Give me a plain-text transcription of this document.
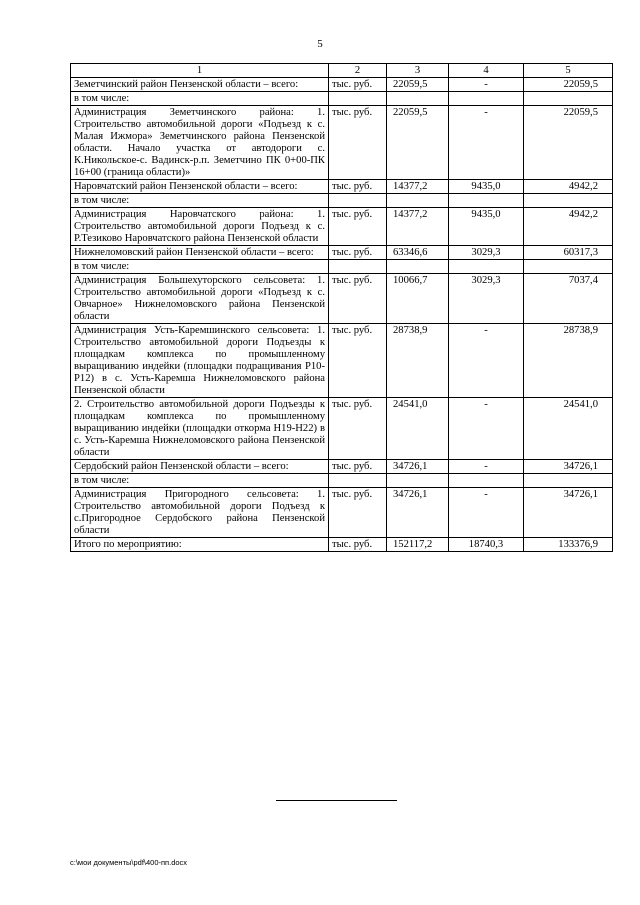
5
1	2	3	4	5
Земетчинский район Пензенской области – всего:	тыс. руб.	22059,5	-	22059,5
в том числе:				
Администрация Земетчинского района: 1. Строительство автомобильной дороги «Подъезд к с. Малая Ижмора» Земетчинского района Пензенской области. Начало участка от автодороги с. К.Никольское-с. Вадинск-р.п. Земетчино ПК 0+00-ПК 16+00 (граница области)»	тыс. руб.	22059,5	-	22059,5
Наровчатский район Пензенской области – всего:	тыс. руб.	14377,2	9435,0	4942,2
в том числе:				
Администрация Наровчатского района: 1. Строительство автомобильной дороги Подъезд к с. Р.Тезиково Наровчатского района Пензенской области	тыс. руб.	14377,2	9435,0	4942,2
Нижнеломовский район Пензенской области – всего:	тыс. руб.	63346,6	3029,3	60317,3
в том числе:				
Администрация Большехуторского сельсовета: 1. Строительство автомобильной дороги «Подъезд к с. Овчарное» Нижнеломовского района Пензенской области	тыс. руб.	10066,7	3029,3	7037,4
Администрация Усть-Каремшинского сельсовета: 1. Строительство автомобильной дороги Подъезды к площадкам комплекса по промышленному выращиванию индейки (площадки подращивания Р10-Р12) в с. Усть-Каремша Нижнеломовского района Пензенской области	тыс. руб.	28738,9	-	28738,9
2. Строительство автомобильной дороги Подъезды к площадкам комплекса по промышленному выращиванию индейки (площадки откорма Н19-Н22) в с. Усть-Каремша Нижнеломовского района Пензенской области	тыс. руб.	24541,0	-	24541,0
Сердобский район Пензенской области – всего:	тыс. руб.	34726,1	-	34726,1
в том числе:				
Администрация Пригородного сельсовета: 1. Строительство автомобильной дороги Подъезд к с.Пригородное Сердобского района Пензенской области	тыс. руб.	34726,1	-	34726,1
Итого по мероприятию:	тыс. руб.	152117,2	18740,3	133376,9
c:\мои документы\pdf\400-пп.docx
